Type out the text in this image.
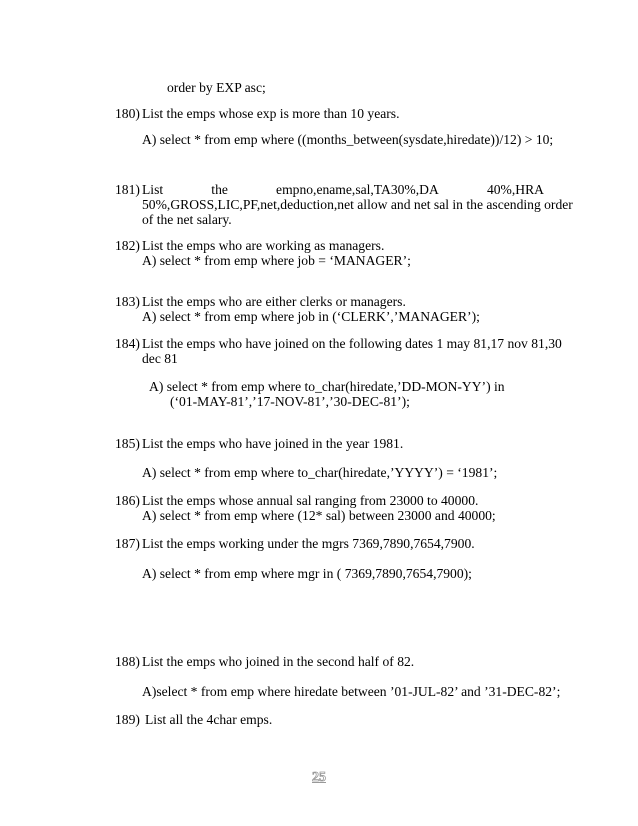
order by EXP asc;
180) List the emps whose exp is more than 10 years.
A) select * from emp where ((months_between(sysdate,hiredate))/12) > 10;
181) List	the	empno,ename,sal,TA30%,DA	40%,HRA
50%,GROSS,LIC,PF,net,deduction,net allow and net sal in the ascending order
of the net salary.
182) List the emps who are working as managers.
A) select * from emp where job = ‘MANAGER’;
183) List the emps who are either clerks or managers.
A) select * from emp where job in (‘CLERK’,’MANAGER’);
184) List the emps who have joined on the following dates 1 may 81,17 nov 81,30
dec 81
A) select * from emp where to_char(hiredate,’DD-MON-YY’) in
(‘01-MAY-81’,’17-NOV-81’,’30-DEC-81’);
185) List the emps who have joined in the year 1981.
A) select * from emp where to_char(hiredate,’YYYY’) = ‘1981’;
186) List the emps whose annual sal ranging from 23000 to 40000.
A) select * from emp where (12* sal) between 23000 and 40000;
187) List the emps working under the mgrs 7369,7890,7654,7900.
A) select * from emp where mgr in ( 7369,7890,7654,7900);
188) List the emps who joined in the second half of 82.
A)select * from emp where hiredate between ’01-JUL-82’ and ’31-DEC-82’;
189) List all the 4char emps.
25
